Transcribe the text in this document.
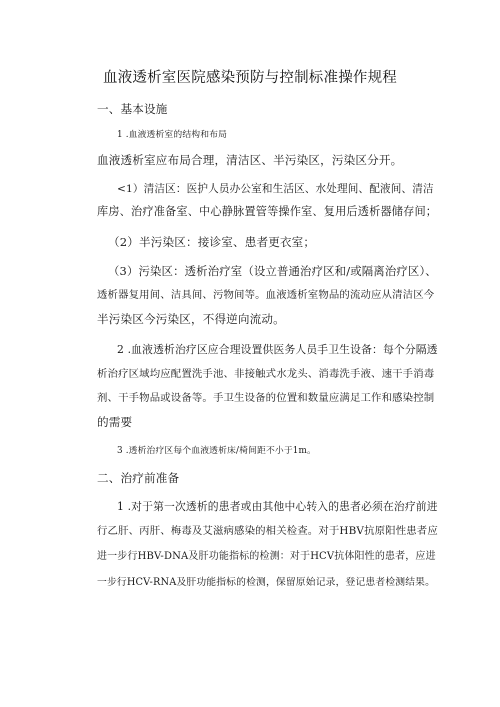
血液透析室医院感染预防与控制标准操作规程
一、基本设施
1 .血液透析室的结构和布局
血液透析室应布局合理，清洁区、半污染区，污染区分开。
<1）清洁区：医护人员办公室和生活区、水处理间、配液间、清洁
库房、治疗准备室、中心静脉置管等操作室、复用后透析器储存间；
（2）半污染区：接诊室、患者更衣室；
（3）污染区：透析治疗室（设立普通治疗区和/或隔离治疗区）、
透析器复用间、洁具间、污物间等。血液透析室物品的流动应从清洁区今
半污染区今污染区，不得逆向流动。
2 .血液透析治疗区应合理设置供医务人员手卫生设备：每个分隔透
析治疗区域均应配置洗手池、非接触式水龙头、消毒洗手液、速干手消毒
剂、干手物品或设备等。手卫生设备的位置和数量应满足工作和感染控制
的需要
3 .透析治疗区每个血液透析床/椅间距不小于1m。
二、治疗前准备
1 .对于第一次透析的患者或由其他中心转入的患者必须在治疗前进
行乙肝、丙肝、梅毒及艾滋病感染的相关检查。对于HBV抗原阳性患者应
进一步行HBV-DNA及肝功能指标的检测：对于HCV抗体阳性的患者，应进
一步行HCV-RNA及肝功能指标的检测，保留原始记录，登记患者检测结果。
